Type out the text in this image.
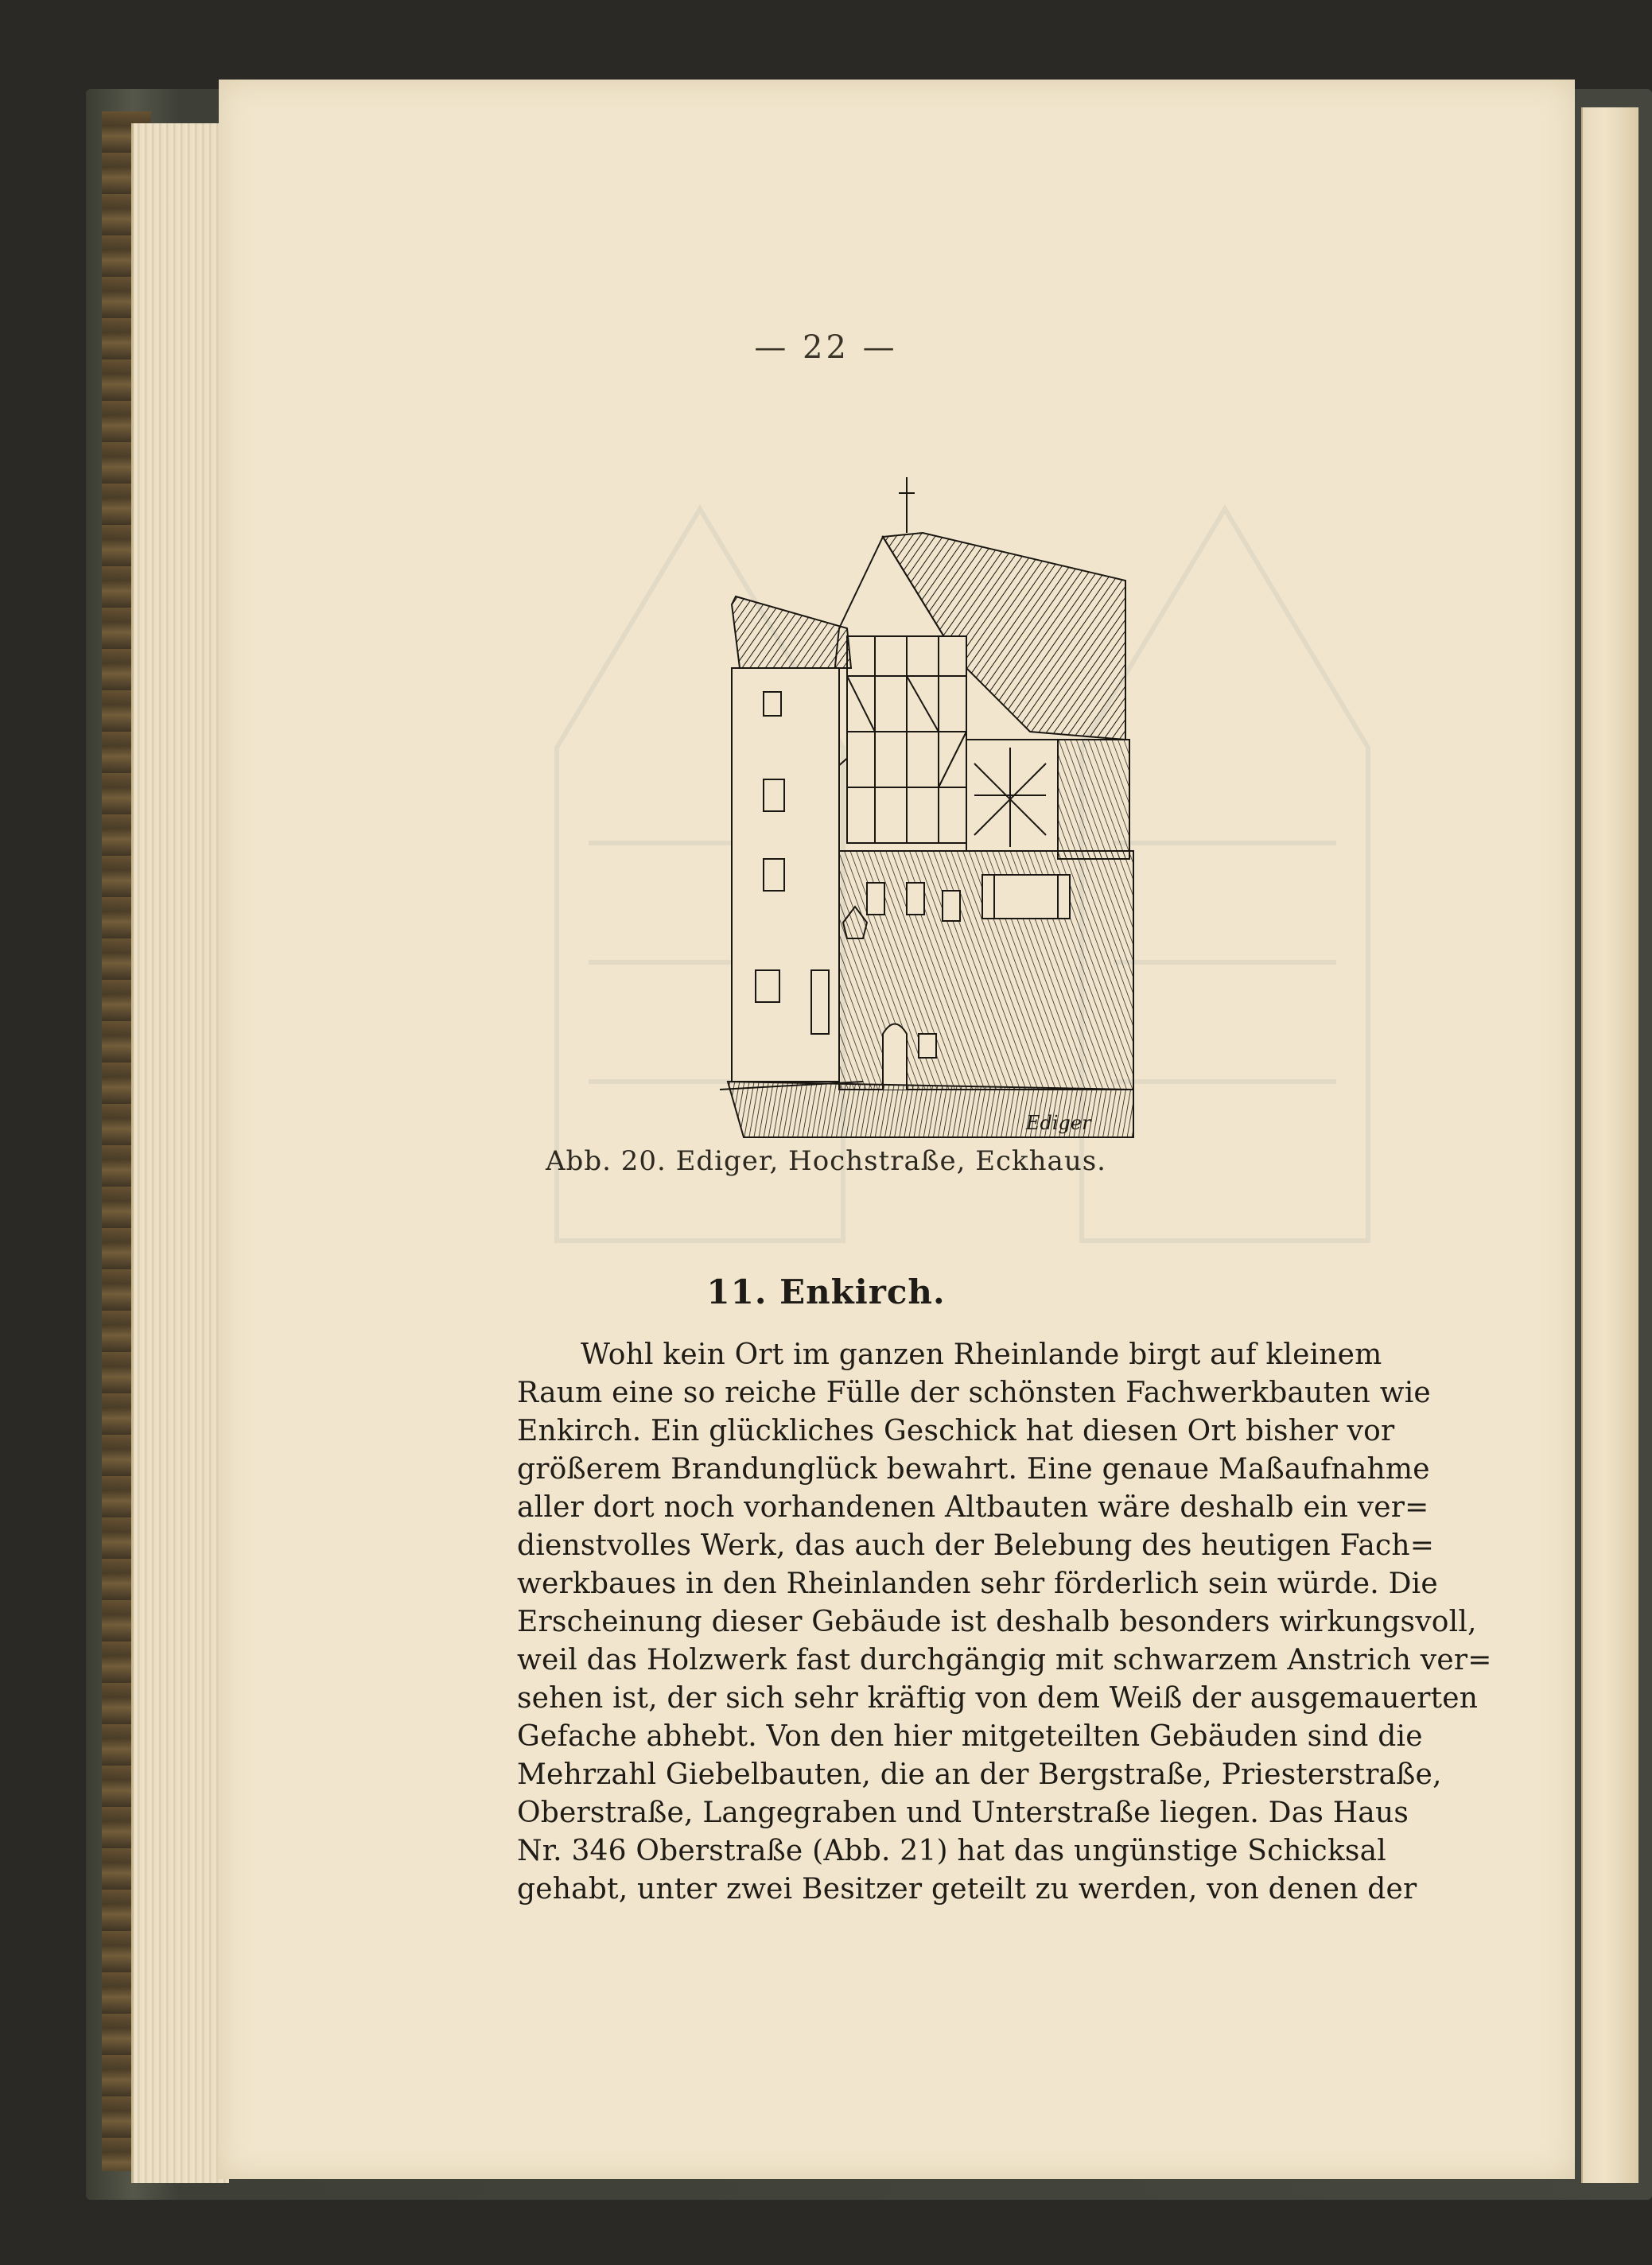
— 22 —
Ediger
Abb. 20. Ediger, Hochstraße, Eckhaus.
11. Enkirch.
Wohl kein Ort im ganzen Rheinlande birgt auf kleinem
Raum eine so reiche Fülle der schönsten Fachwerkbauten wie
Enkirch. Ein glückliches Geschick hat diesen Ort bisher vor
größerem Brandunglück bewahrt. Eine genaue Maßaufnahme
aller dort noch vorhandenen Altbauten wäre deshalb ein ver=
dienstvolles Werk, das auch der Belebung des heutigen Fach=
werkbaues in den Rheinlanden sehr förderlich sein würde. Die
Erscheinung dieser Gebäude ist deshalb besonders wirkungsvoll,
weil das Holzwerk fast durchgängig mit schwarzem Anstrich ver=
sehen ist, der sich sehr kräftig von dem Weiß der ausgemauerten
Gefache abhebt. Von den hier mitgeteilten Gebäuden sind die
Mehrzahl Giebelbauten, die an der Bergstraße, Priesterstraße,
Oberstraße, Langegraben und Unterstraße liegen. Das Haus
Nr. 346 Oberstraße (Abb. 21) hat das ungünstige Schicksal
gehabt, unter zwei Besitzer geteilt zu werden, von denen der
